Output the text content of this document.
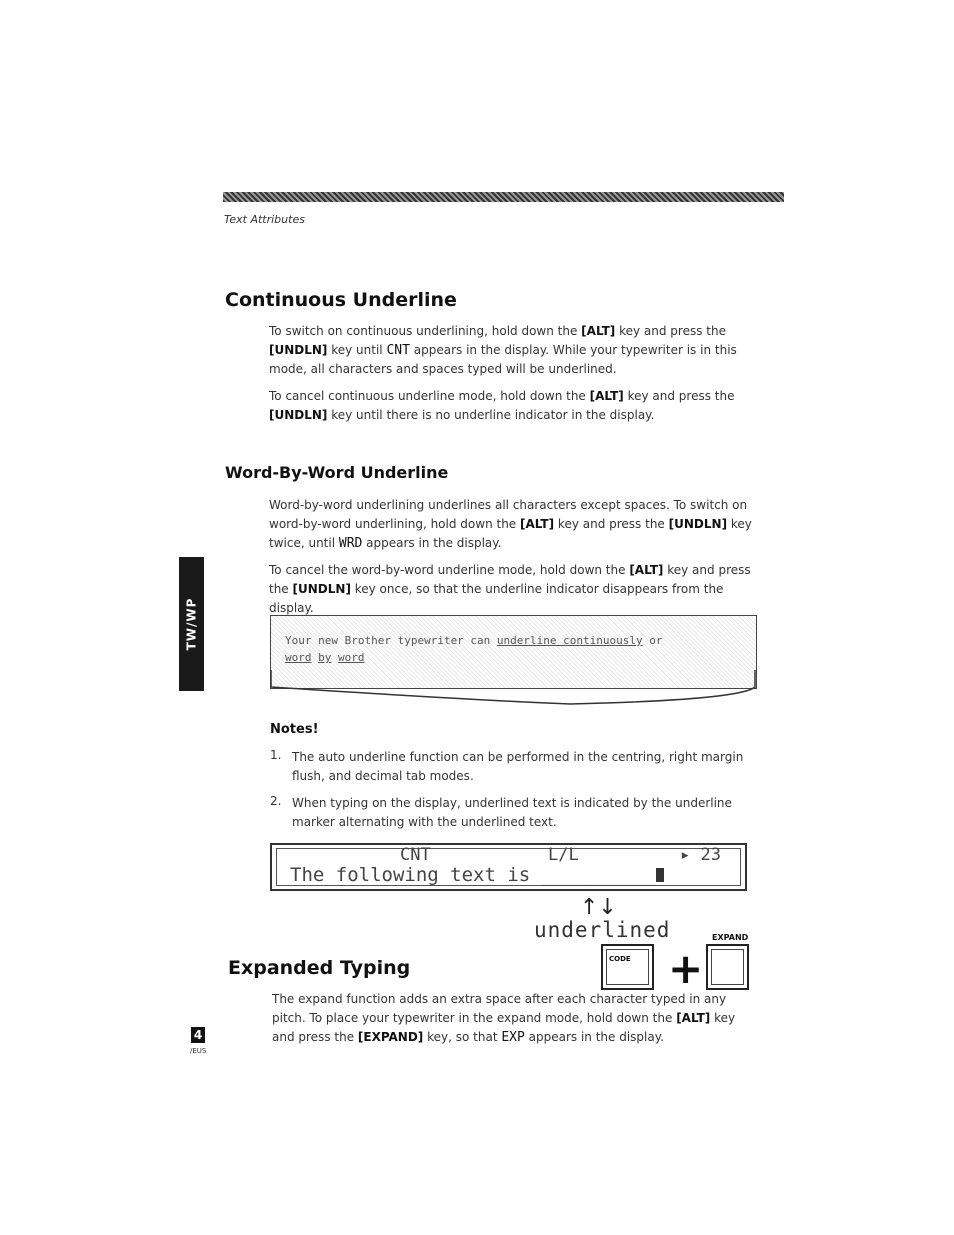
Text Attributes
TW/WP
Continuous Underline

To switch on continuous underlining, hold down the [ALT] key and press the [UNDLN] key until CNT appears in the display. While your typewriter is in this mode, all characters and spaces typed will be underlined.

To cancel continuous underline mode, hold down the [ALT] key and press the [UNDLN] key until there is no underline indicator in the display.

Word-By-Word Underline

Word-by-word underlining underlines all characters except spaces. To switch on word-by-word underlining, hold down the [ALT] key and press the [UNDLN] key twice, until WRD appears in the display.

To cancel the word-by-word underline mode, hold down the [ALT] key and press the [UNDLN] key once, so that the underline indicator disappears from the display.

Your new Brother typewriter can underline continuously or
word by word
Notes!
1. The auto underline function can be performed in the centring, right margin flush, and decimal tab modes.

2. When typing on the display, underlined text is indicated by the underline marker alternating with the underlined text.

CNT	L/L	▸ 23
The following text is __________
↑↓
underlined
Expanded Typing	CODE +
EXPAND

The expand function adds an extra space after each character typed in any pitch. To place your typewriter in the expand mode, hold down the [ALT] key and press the [EXPAND] key, so that EXP appears in the display.

4
/EUS
